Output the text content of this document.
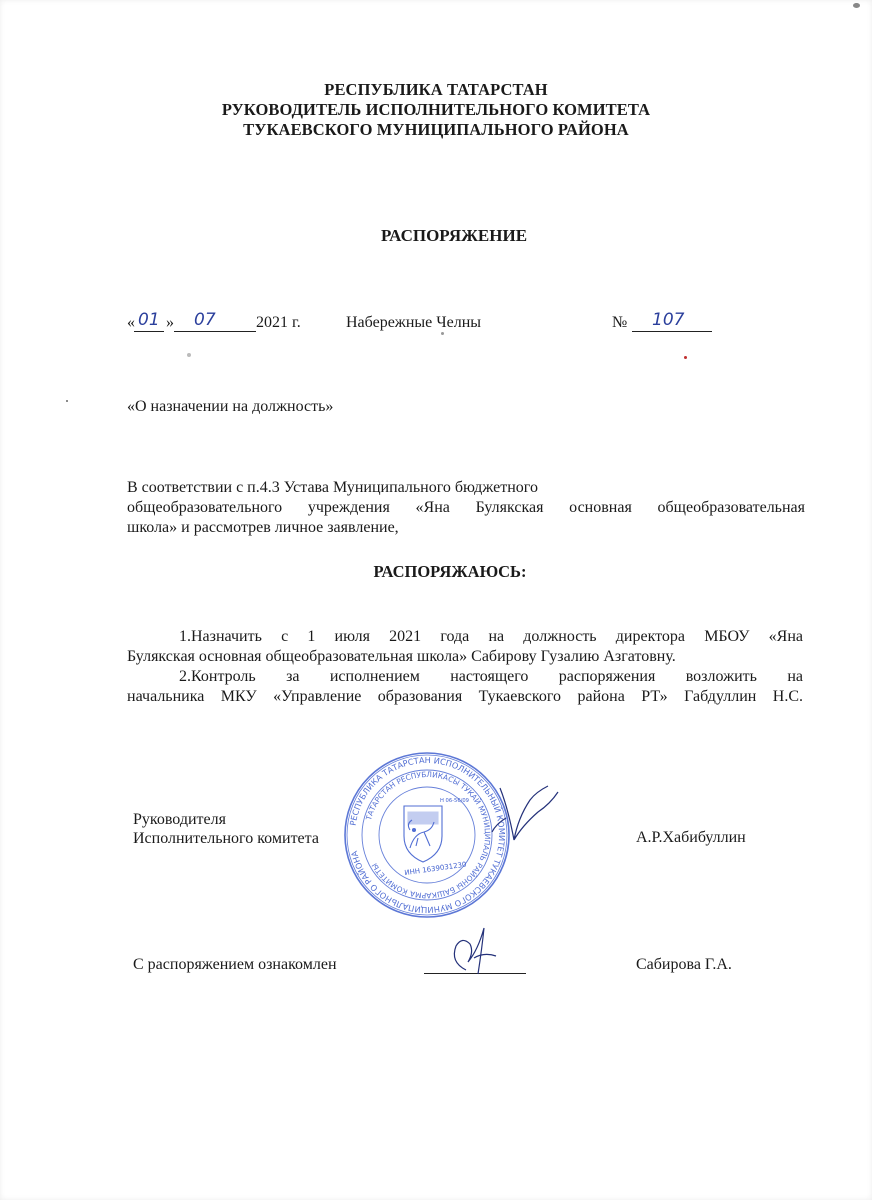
РЕСПУБЛИКА ТАТАРСТАН
РУКОВОДИТЕЛЬ ИСПОЛНИТЕЛЬНОГО КОМИТЕТА
ТУКАЕВСКОГО МУНИЦИПАЛЬНОГО РАЙОНА
РАСПОРЯЖЕНИЕ
« 01 » 07	2021 г.	Набережные Челны	№ 107
«О назначении на должность»
В соответствии с п.4.3 Устава Муниципального бюджетного
общеобразовательного учреждения «Яна Булякская основная общеобразовательная
школа» и рассмотрев личное заявление,
РАСПОРЯЖАЮСЬ:
1.Назначить с 1 июля 2021 года на должность директора МБОУ «Яна
Булякская основная общеобразовательная школа» Сабирову Гузалию Азгатовну.
2.Контроль за исполнением настоящего распоряжения возложить на
начальника МКУ «Управление образования Тукаевского района РТ» Габдуллин Н.С.
РЕСПУБЛИКА ТАТАРСТАН ИСПОЛНИТЕЛЬНЫЙ КОМИТЕТ ТУКАЕВСКОГО МУНИЦИПАЛЬНОГО РАЙОНА
ТАТАРСТАН РЕСПУБЛИКАСЫ ТУКАЙ МУНИЦИПАЛЬ РАЙОНЫ БАШКАРМА КОМИТЕТЫ
Н 06-56/09
ИНН 1639031230
Руководителя
Исполнительного комитета	А.Р.Хабибуллин
С распоряжением ознакомлен	Сабирова Г.А.
